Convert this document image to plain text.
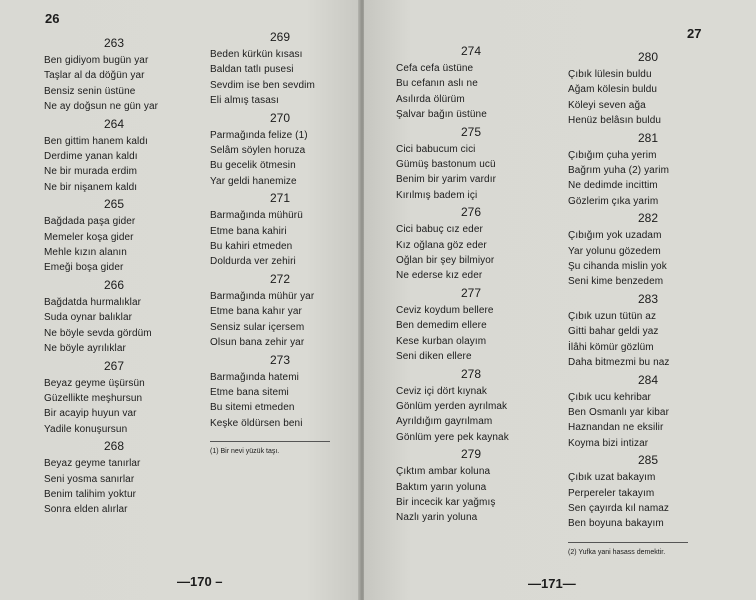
26
263
Ben gidiyom bugün yar
Taşlar al da döğün yar
Bensiz senin üstüne
Ne ay doğsun ne gün yar
264
Ben gittim hanem kaldı
Derdime yanan kaldı
Ne bir murada erdim
Ne bir nişanem kaldı
265
Bağdada paşa gider
Memeler koşa gider
Mehle kızın alanın
Emeği boşa gider
266
Bağdatda hurmalıklar
Suda oynar balıklar
Ne böyle sevda gördüm
Ne böyle ayrılıklar
267
Beyaz geyme üşürsün
Güzellikte meşhursun
Bir acayip huyun var
Yadile konuşursun
268
Beyaz geyme tanırlar
Seni yosma sanırlar
Benim talihim yoktur
Sonra elden alırlar
269
Beden kürkün kısası
Baldan tatlı pusesi
Sevdim ise ben sevdim
Eli almış tasası
270
Parmağında felize (1)
Selâm söylen horuza
Bu gecelik ötmesin
Yar geldi hanemize
271
Barmağında mühürü
Etme bana kahiri
Bu kahiri etmeden
Doldurda ver zehiri
272
Barmağında mühür yar
Etme bana kahır yar
Sensiz sular içersem
Olsun bana zehir yar
273
Barmağında hatemi
Etme bana sitemi
Bu sitemi etmeden
Keşke öldürsen beni
(1) Bir nevi yüzük taşı.
—170 –
27
274
Cefa cefa üstüne
Bu cefanın aslı ne
Asılırda ölürüm
Şalvar bağın üstüne
275
Cici babucum cici
Gümüş bastonum ucü
Benim bir yarim vardır
Kırılmış badem içi
276
Cici babuç cız eder
Kız oğlana göz eder
Oğlan bir şey bilmiyor
Ne ederse kız eder
277
Ceviz koydum bellere
Ben demedim ellere
Kese kurban olayım
Seni diken ellere
278
Ceviz içi dört kıynak
Gönlüm yerden ayrılmak
Ayrıldığım gayrılmam
Gönlüm yere pek kaynak
279
Çıktım ambar koluna
Baktım yarın yoluna
Bir incecik kar yağmış
Nazlı yarin yoluna
280
Çıbık lülesin buldu
Ağam kölesin buldu
Köleyi seven ağa
Henüz belâsın buldu
281
Çıbığım çuha yerim
Bağrım yuha (2) yarim
Ne dedimde incittim
Gözlerim çıka yarim
282
Çıbığım yok uzadam
Yar yolunu gözedem
Şu cihanda mislin yok
Seni kime benzedem
283
Çıbık uzun tütün az
Gitti bahar geldi yaz
İlâhi kömür gözlüm
Daha bitmezmi bu naz
284
Çıbık ucu kehribar
Ben Osmanlı yar kibar
Haznandan ne eksilir
Koyma bizi intizar
285
Çıbık uzat bakayım
Perpereler takayım
Sen çayırda kıl namaz
Ben boyuna bakayım
(2) Yufka yani hasass demektir.
—171—
